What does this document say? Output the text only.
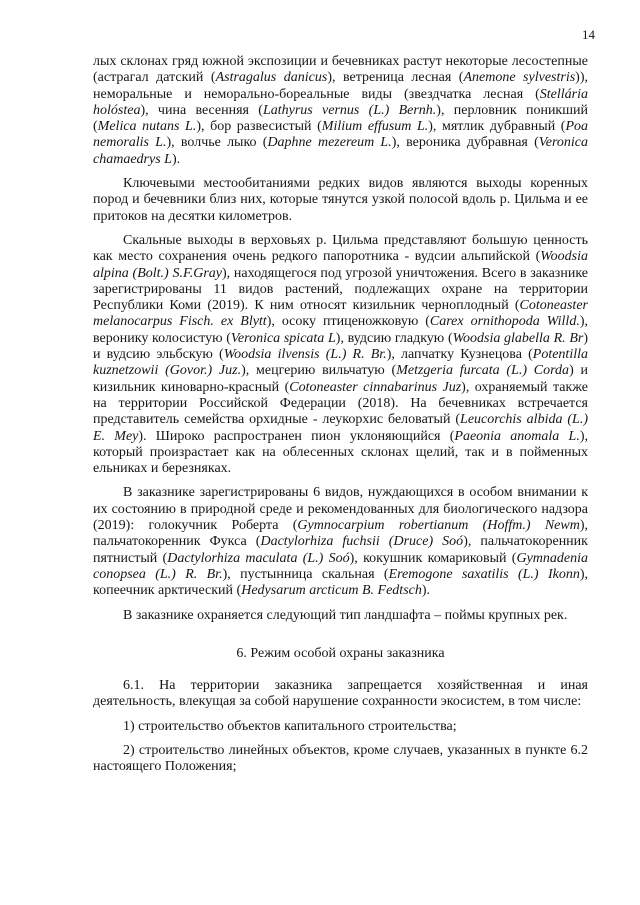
14

лых склонах гряд южной экспозиции и бечевниках растут некоторые лесостепные (астрагал датский (Astragalus danicus), ветреница лесная (Anemone sylvestris)), неморальные и неморально-бореальные виды (звездчатка лесная (Stellária holóstea), чина весенняя (Lathyrus vernus (L.) Bernh.), перловник поникший (Melica nutans L.), бор развесистый (Milium effusum L.), мятлик дубравный (Poa nemoralis L.), волчье лыко (Daphne mezereum L.), вероника дубравная (Veronica chamaedrys L).

Ключевыми местообитаниями редких видов являются выходы коренных пород и бечевники близ них, которые тянутся узкой полосой вдоль р. Цильма и ее притоков на десятки километров.

Скальные выходы в верховьях р. Цильма представляют большую ценность как место сохранения очень редкого папоротника - вудсии альпийской (Woodsia alpina (Bolt.) S.F.Gray), находящегося под угрозой уничтожения. Всего в заказнике зарегистрированы 11 видов растений, подлежащих охране на территории Республики Коми (2019). К ним относят кизильник черноплодный (Cotoneaster melanocarpus Fisch. ex Blytt), осоку птиценожковую (Carex ornithopoda Willd.), веронику колосистую (Veronica spicata L), вудсию гладкую (Woodsia glabella R. Br) и вудсию эльбскую (Woodsia ilvensis (L.) R. Br.), лапчатку Кузнецова (Potentilla kuznetzowii (Govor.) Juz.), мецгерию вильчатую (Metzgeria furcata (L.) Corda) и кизильник киноварно-красный (Cotoneaster cinnabarinus Juz), охраняемый также на территории Российской Федерации (2018). На бечевниках встречается представитель семейства орхидные - леукорхис беловатый (Leucorchis albida (L.) E. Mey). Широко распространен пион уклоняющийся (Paeonia anomala L.), который произрастает как на облесенных склонах щелий, так и в пойменных ельниках и березняках.

В заказнике зарегистрированы 6 видов, нуждающихся в особом внимании к их состоянию в природной среде и рекомендованных для биологического надзора (2019): голокучник Роберта (Gymnocarpium robertianum (Hoffm.) Newm), пальчатокоренник Фукса (Dactylorhiza fuchsii (Druce) Soó), пальчатокоренник пятнистый (Dactylorhiza maculata (L.) Soó), кокушник комариковый (Gymnadenia conopsea (L.) R. Br.), пустынница скальная (Eremogone saxatilis (L.) Ikonn), копеечник арктический (Hedysarum arcticum B. Fedtsch).

В заказнике охраняется следующий тип ландшафта – поймы крупных рек.

6. Режим особой охраны заказника

6.1. На территории заказника запрещается хозяйственная и иная деятельность, влекущая за собой нарушение сохранности экосистем, в том числе:

1) строительство объектов капитального строительства;

2) строительство линейных объектов, кроме случаев, указанных в пункте 6.2 настоящего Положения;
